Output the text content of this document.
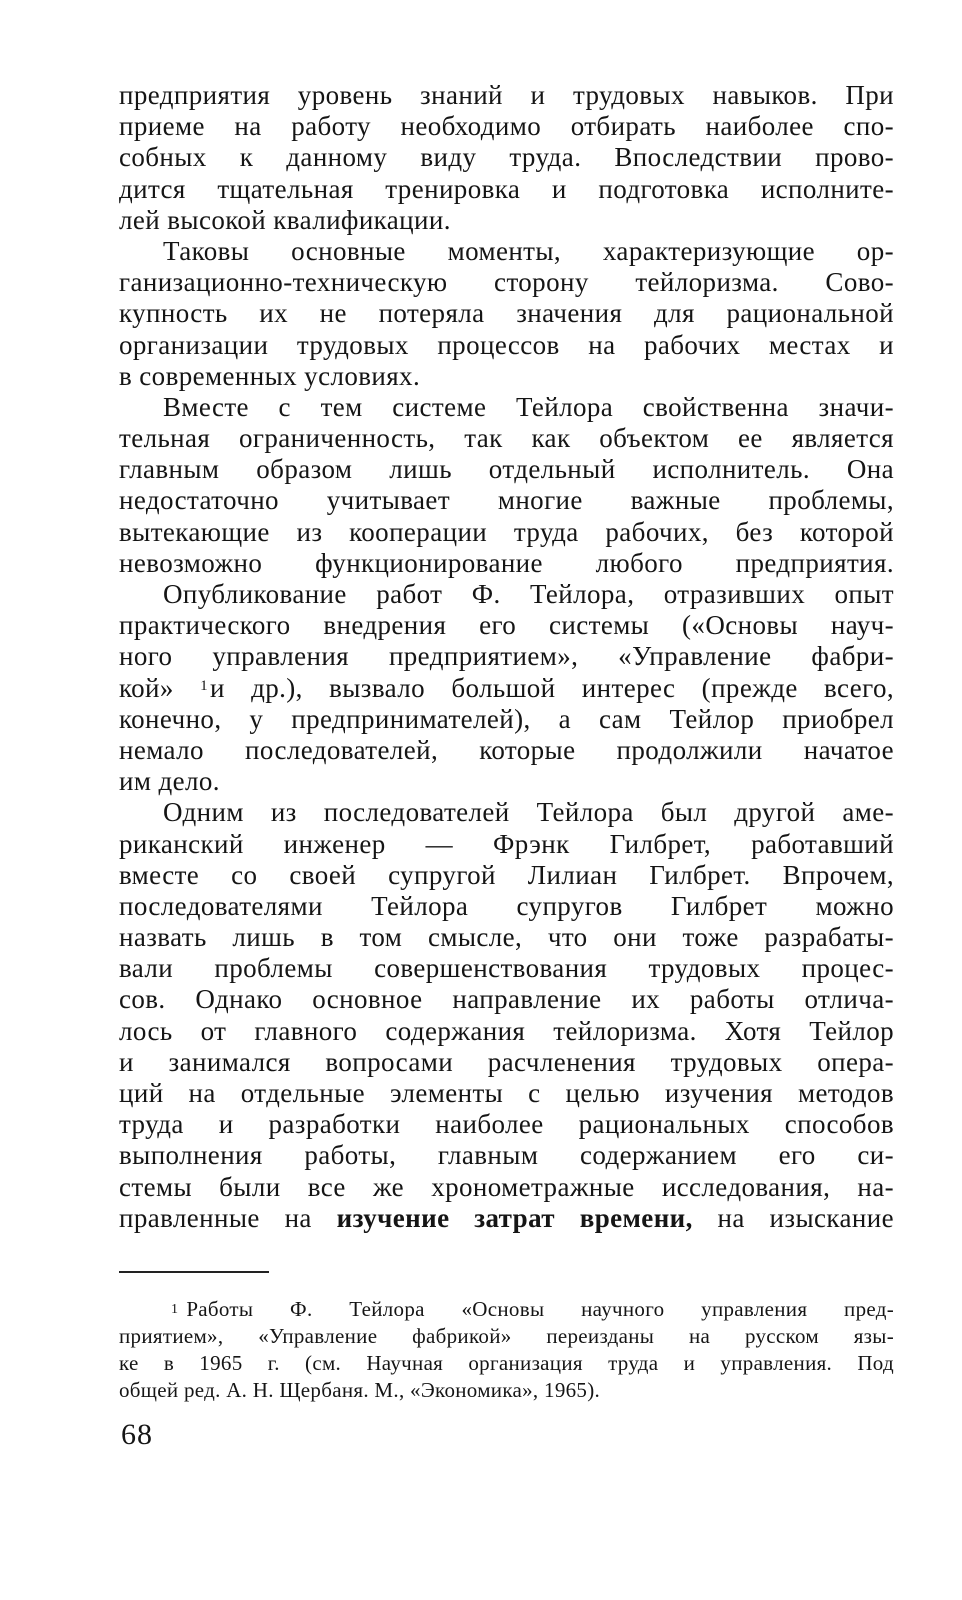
предприятия уровень знаний и трудовых навыков. При
приеме на работу необходимо отбирать наиболее спо-
собных к данному виду труда. Впоследствии прово-
дится тщательная тренировка и подготовка исполните-
лей высокой квалификации.
Таковы основные моменты, характеризующие ор-
ганизационно-техническую сторону тейлоризма. Сово-
купность их не потеряла значения для рациональной
организации трудовых процессов на рабочих местах и
в современных условиях.
Вместе с тем системе Тейлора свойственна значи-
тельная ограниченность, так как объектом ее является
главным образом лишь отдельный исполнитель. Она
недостаточно учитывает многие важные проблемы,
вытекающие из кооперации труда рабочих, без которой
невозможно функционирование любого предприятия.
Опубликование работ Ф. Тейлора, отразивших опыт
практического внедрения его системы («Основы науч-
ного управления предприятием», «Управление фабри-
кой» $^1$и др.), вызвало большой интерес (прежде всего,
конечно, у предпринимателей), а сам Тейлор приобрел
немало последователей, которые продолжили начатое
им дело.
Одним из последователей Тейлора был другой аме-
риканский инженер — Фрэнк Гилбрет, работавший
вместе со своей супругой Лилиан Гилбрет. Впрочем,
последователями Тейлора супругов Гилбрет можно
назвать лишь в том смысле, что они тоже разрабаты-
вали проблемы совершенствования трудовых процес-
сов. Однако основное направление их работы отлича-
лось от главного содержания тейлоризма. Хотя Тейлор
и занимался вопросами расчленения трудовых опера-
ций на отдельные элементы с целью изучения методов
труда и разработки наиболее рациональных способов
выполнения работы, главным содержанием его си-
стемы были все же хронометражные исследования, на-
правленные на изучение затрат времени, на изыскание
$^1$ Работы Ф. Тейлора «Основы научного управления пред-
приятием», «Управление фабрикой» переизданы на русском язы-
ке в 1965 г. (см. Научная организация труда и управления. Под
общей ред. А. Н. Щербаня. М., «Экономика», 1965).
68
